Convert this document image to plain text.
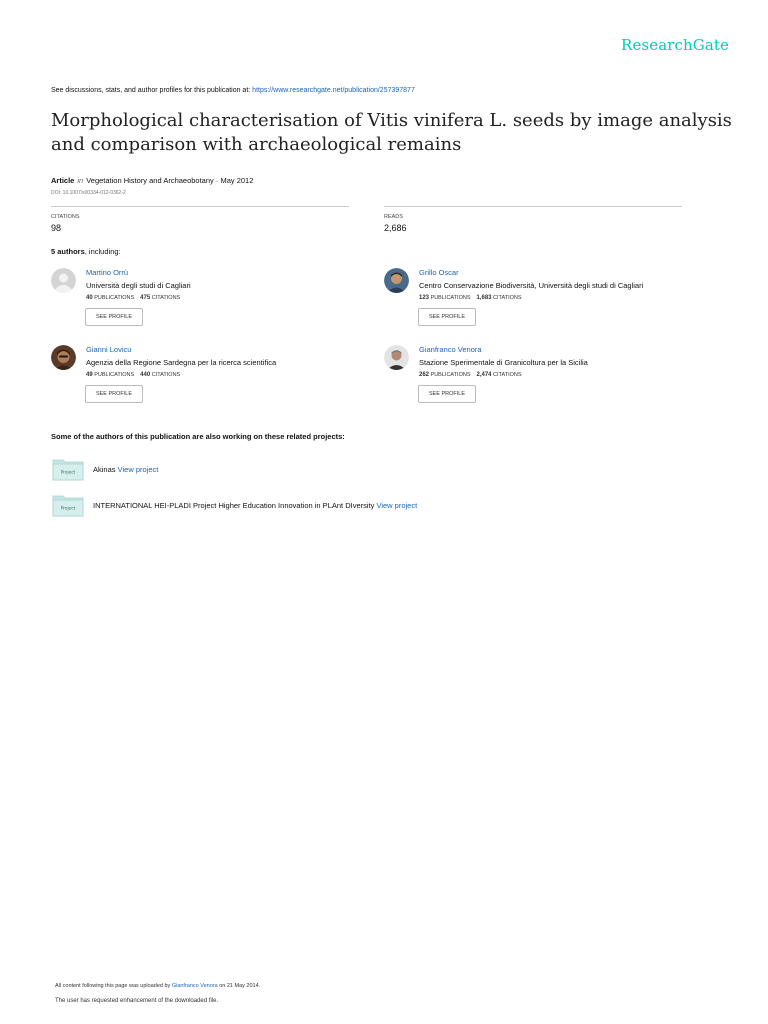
ResearchGate
See discussions, stats, and author profiles for this publication at: https://www.researchgate.net/publication/257397877
Morphological characterisation of Vitis vinifera L. seeds by image analysis and comparison with archaeological remains
Article in Vegetation History and Archaeobotany · May 2012
DOI: 10.1007/s00334-012-0362-2
CITATIONS
98
READS
2,686
5 authors, including:
Martino Orrù
Università degli studi di Cagliari
40 PUBLICATIONS 475 CITATIONS
SEE PROFILE
Grillo Oscar
Centro Conservazione Biodiversità, Università degli studi di Cagliari
123 PUBLICATIONS 1,683 CITATIONS
SEE PROFILE
Gianni Lovicu
Agenzia della Regione Sardegna per la ricerca scientifica
49 PUBLICATIONS 440 CITATIONS
SEE PROFILE
Gianfranco Venora
Stazione Sperimentale di Granicoltura per la Sicilia
262 PUBLICATIONS 2,474 CITATIONS
SEE PROFILE
Some of the authors of this publication are also working on these related projects:
Project Akinas View project
Project INTERNATIONAL HEI-PLADI Project Higher Education Innovation in PLAnt DIversity View project
All content following this page was uploaded by Gianfranco Venora on 21 May 2014.
The user has requested enhancement of the downloaded file.
